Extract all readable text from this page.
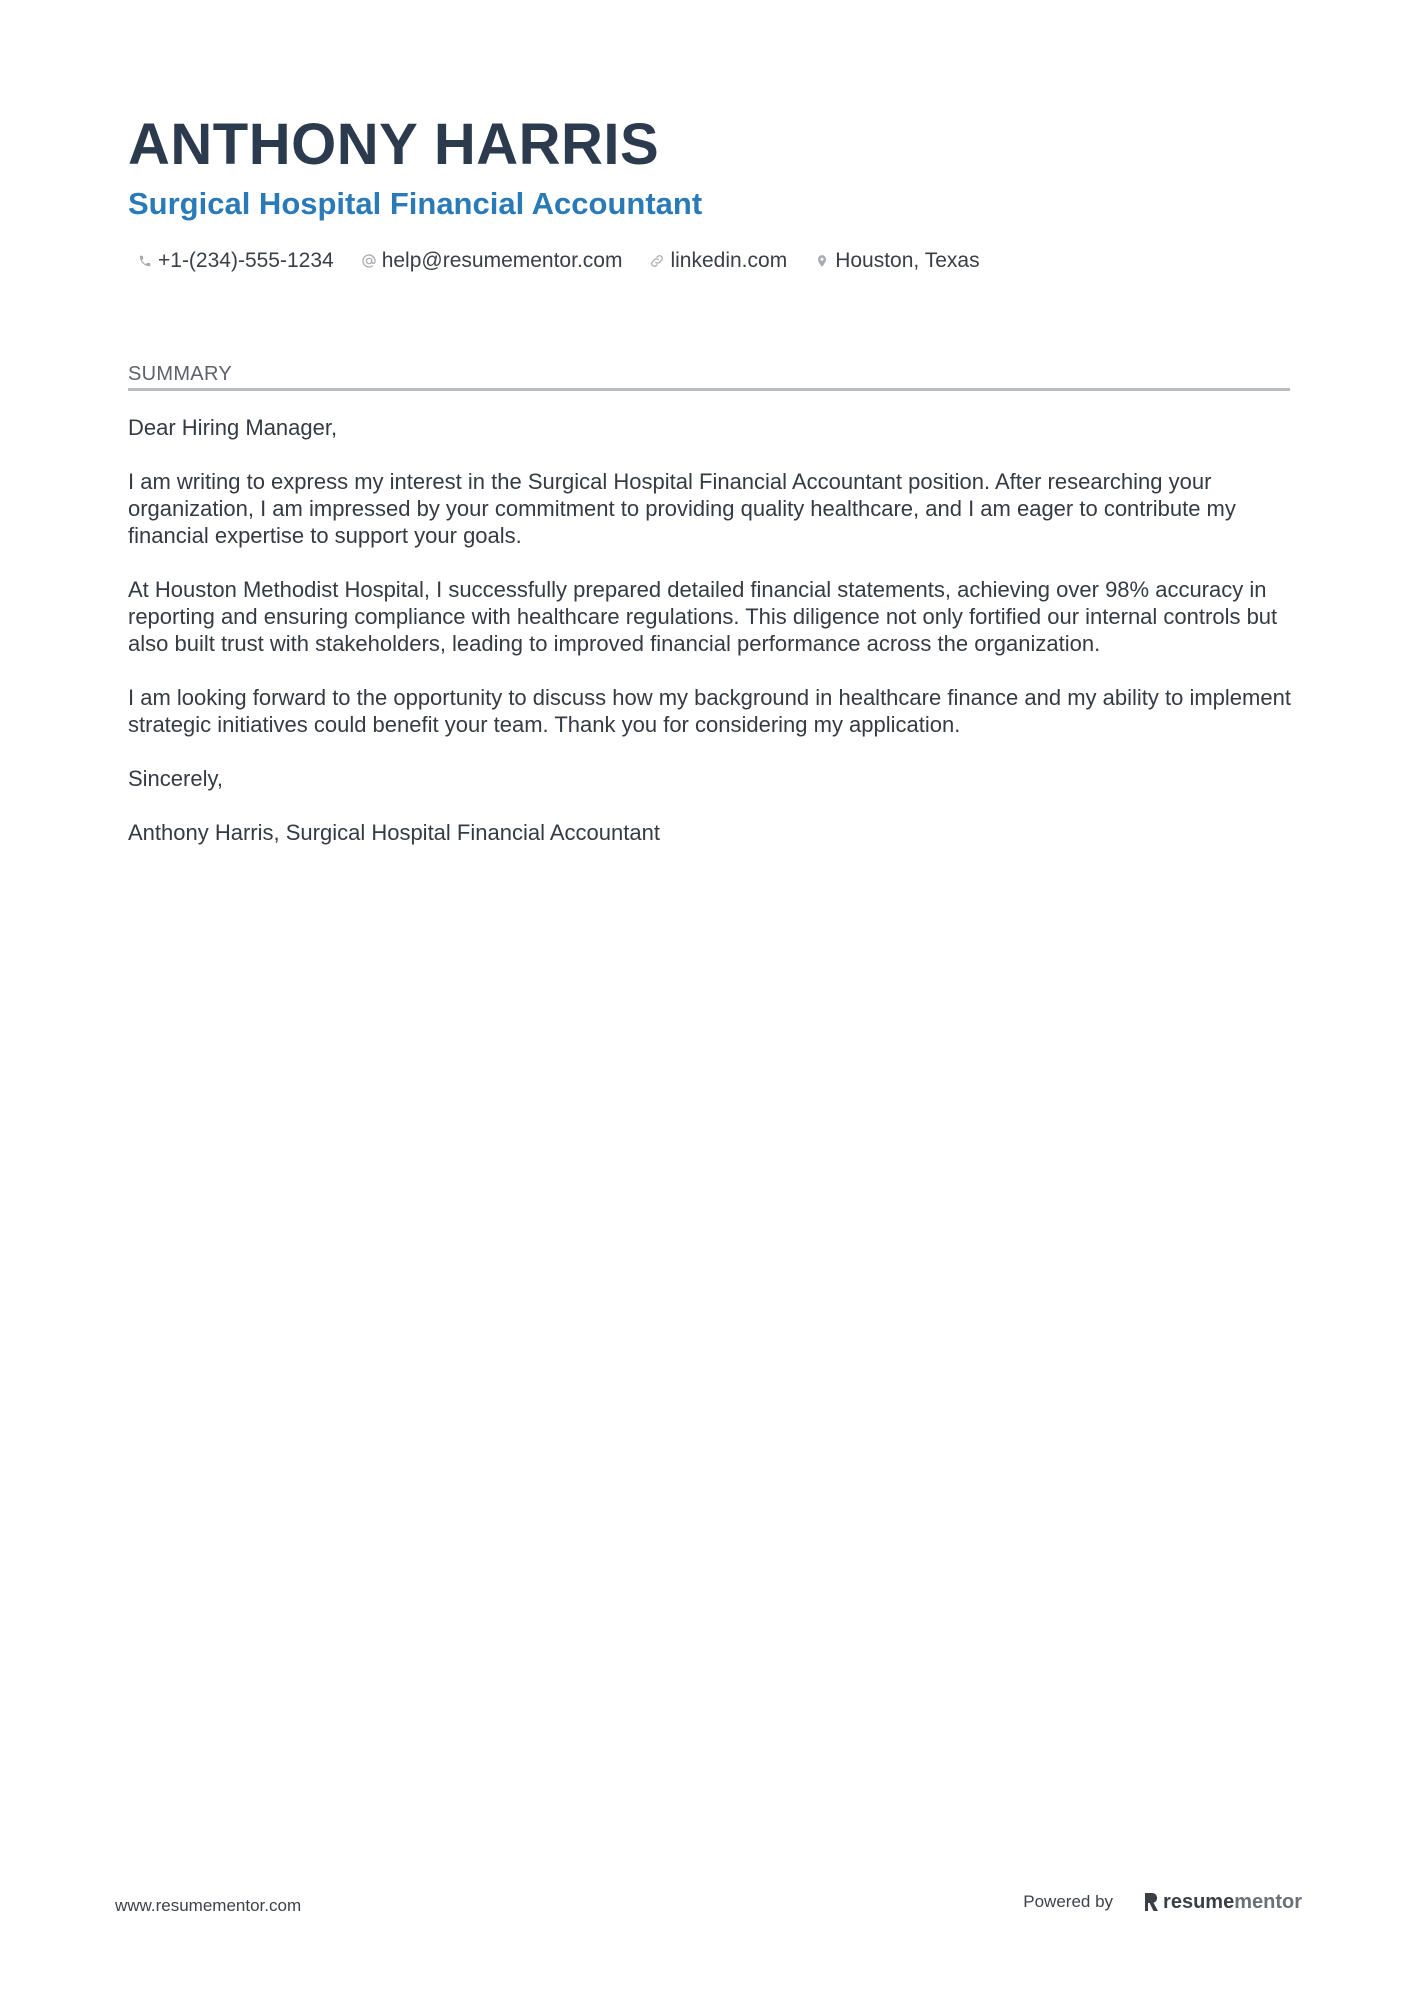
ANTHONY HARRIS
Surgical Hospital Financial Accountant
+1-(234)-555-1234 help@resumementor.com linkedin.com Houston, Texas
SUMMARY

Dear Hiring Manager,

I am writing to express my interest in the Surgical Hospital Financial Accountant position. After researching your organization, I am impressed by your commitment to providing quality healthcare, and I am eager to contribute my financial expertise to support your goals.

At Houston Methodist Hospital, I successfully prepared detailed financial statements, achieving over 98% accuracy in reporting and ensuring compliance with healthcare regulations. This diligence not only fortified our internal controls but also built trust with stakeholders, leading to improved financial performance across the organization.

I am looking forward to the opportunity to discuss how my background in healthcare finance and my ability to implement strategic initiatives could benefit your team. Thank you for considering my application.

Sincerely,

Anthony Harris, Surgical Hospital Financial Accountant

www.resumementor.com	Powered by	resume mentor
